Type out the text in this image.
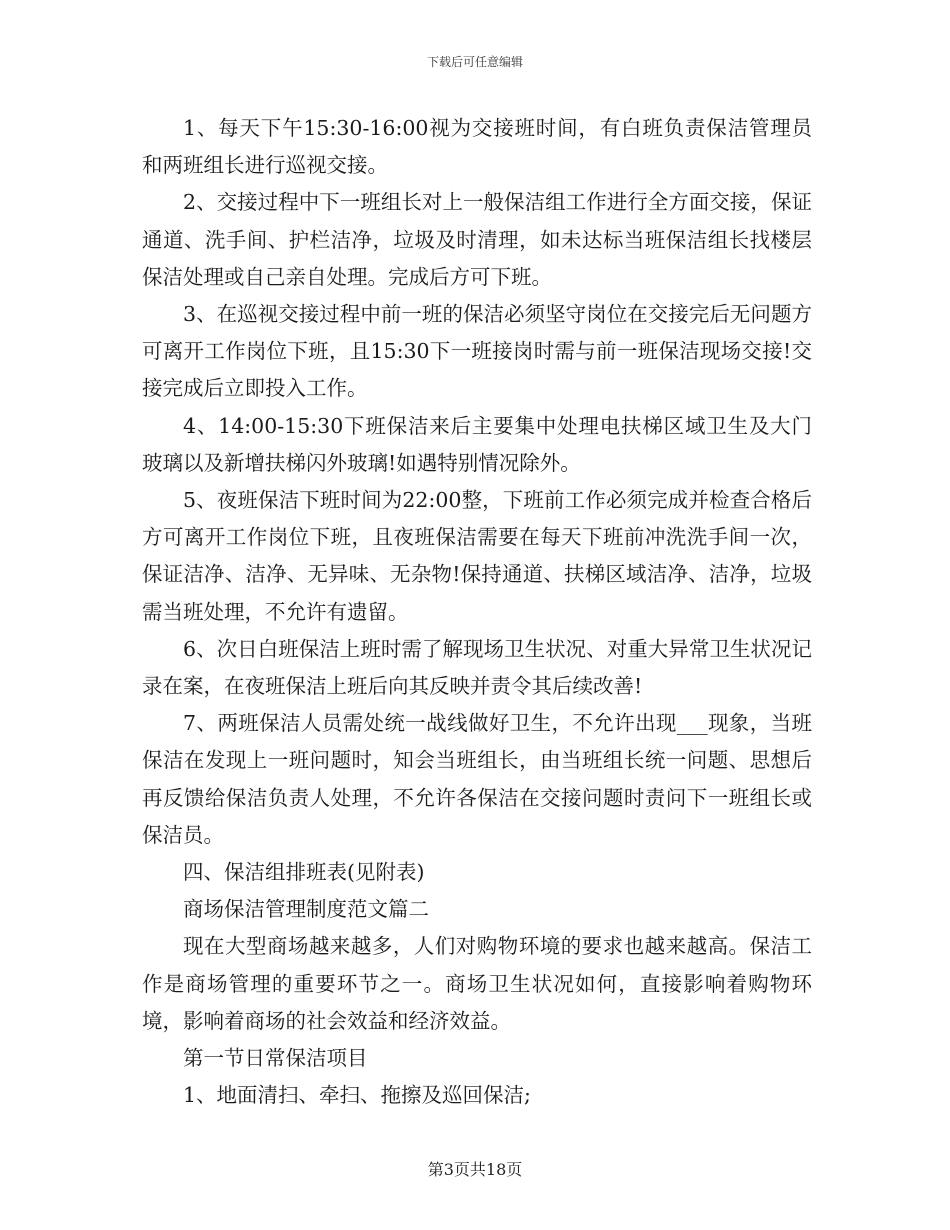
下载后可任意编辑

1、每天下午15:30-16:00视为交接班时间，有白班负责保洁管理员和两班组长进行巡视交接。

2、交接过程中下一班组长对上一般保洁组工作进行全方面交接，保证通道、洗手间、护栏洁净，垃圾及时清理，如未达标当班保洁组长找楼层保洁处理或自己亲自处理。完成后方可下班。

3、在巡视交接过程中前一班的保洁必须坚守岗位在交接完后无问题方可离开工作岗位下班，且15:30下一班接岗时需与前一班保洁现场交接!交接完成后立即投入工作。

4、14:00-15:30下班保洁来后主要集中处理电扶梯区域卫生及大门玻璃以及新增扶梯闪外玻璃!如遇特别情况除外。

5、夜班保洁下班时间为22:00整，下班前工作必须完成并检查合格后方可离开工作岗位下班，且夜班保洁需要在每天下班前冲洗洗手间一次，保证洁净、洁净、无异味、无杂物!保持通道、扶梯区域洁净、洁净，垃圾需当班处理，不允许有遗留。

6、次日白班保洁上班时需了解现场卫生状况、对重大异常卫生状况记录在案，在夜班保洁上班后向其反映并责令其后续改善!

7、两班保洁人员需处统一战线做好卫生，不允许出现___现象，当班保洁在发现上一班问题时，知会当班组长，由当班组长统一问题、思想后再反馈给保洁负责人处理，不允许各保洁在交接问题时责问下一班组长或保洁员。

四、保洁组排班表(见附表)

商场保洁管理制度范文篇二

现在大型商场越来越多，人们对购物环境的要求也越来越高。保洁工作是商场管理的重要环节之一。商场卫生状况如何，直接影响着购物环境，影响着商场的社会效益和经济效益。

第一节日常保洁项目

1、地面清扫、牵扫、拖擦及巡回保洁;

第3页共18页
